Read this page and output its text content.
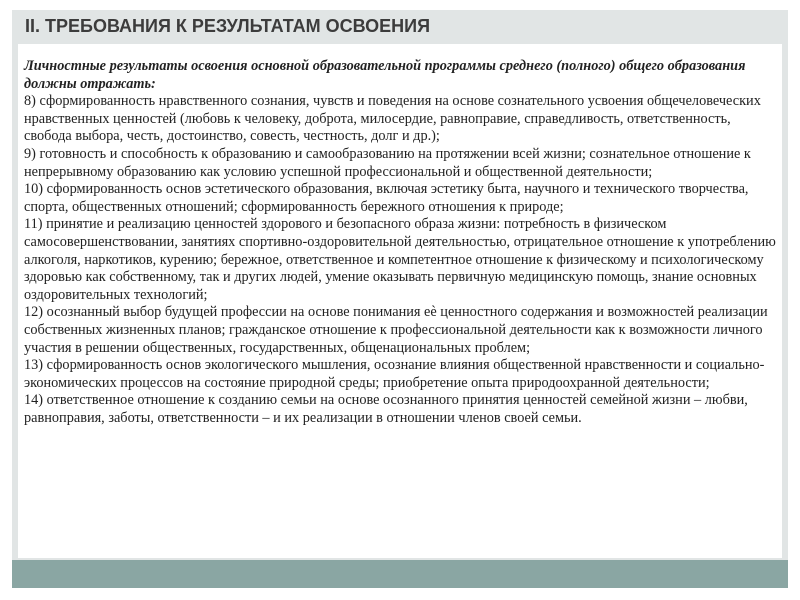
II. ТРЕБОВАНИЯ К РЕЗУЛЬТАТАМ ОСВОЕНИЯ

Личностные результаты освоения основной образовательной программы среднего (полного) общего образования должны отражать:

8) сформированность нравственного сознания, чувств и поведения на основе сознательного усвоения общечеловеческих нравственных ценностей (любовь к человеку, доброта, милосердие, равноправие, справедливость, ответственность, свобода выбора, честь, достоинство, совесть, честность, долг и др.);

9) готовность и способность к образованию и самообразованию на протяжении всей жизни; сознательное отношение к непрерывному образованию как условию успешной профессиональной и общественной деятельности;

10) сформированность основ эстетического образования, включая эстетику быта, научного и технического творчества, спорта, общественных отношений; сформированность бережного отношения к природе;

11) принятие и реализацию ценностей здорового и безопасного образа жизни: потребность в физическом самосовершенствовании, занятиях спортивно-оздоровительной деятельностью, отрицательное отношение к употреблению алкоголя, наркотиков, курению; бережное, ответственное и компетентное отношение к физическому и психологическому здоровью как собственному, так и других людей, умение оказывать первичную медицинскую помощь, знание основных оздоровительных технологий;

12) осознанный выбор будущей профессии на основе понимания еѐ ценностного содержания и возможностей реализации собственных жизненных планов; гражданское отношение к профессиональной деятельности как к возможности личного участия в решении общественных, государственных, общенациональных проблем;

13) сформированность основ экологического мышления, осознание влияния общественной нравственности и социально-экономических процессов на состояние природной среды; приобретение опыта природоохранной деятельности;

14) ответственное отношение к созданию семьи на основе осознанного принятия ценностей семейной жизни – любви, равноправия, заботы, ответственности – и их реализации в отношении членов своей семьи.
